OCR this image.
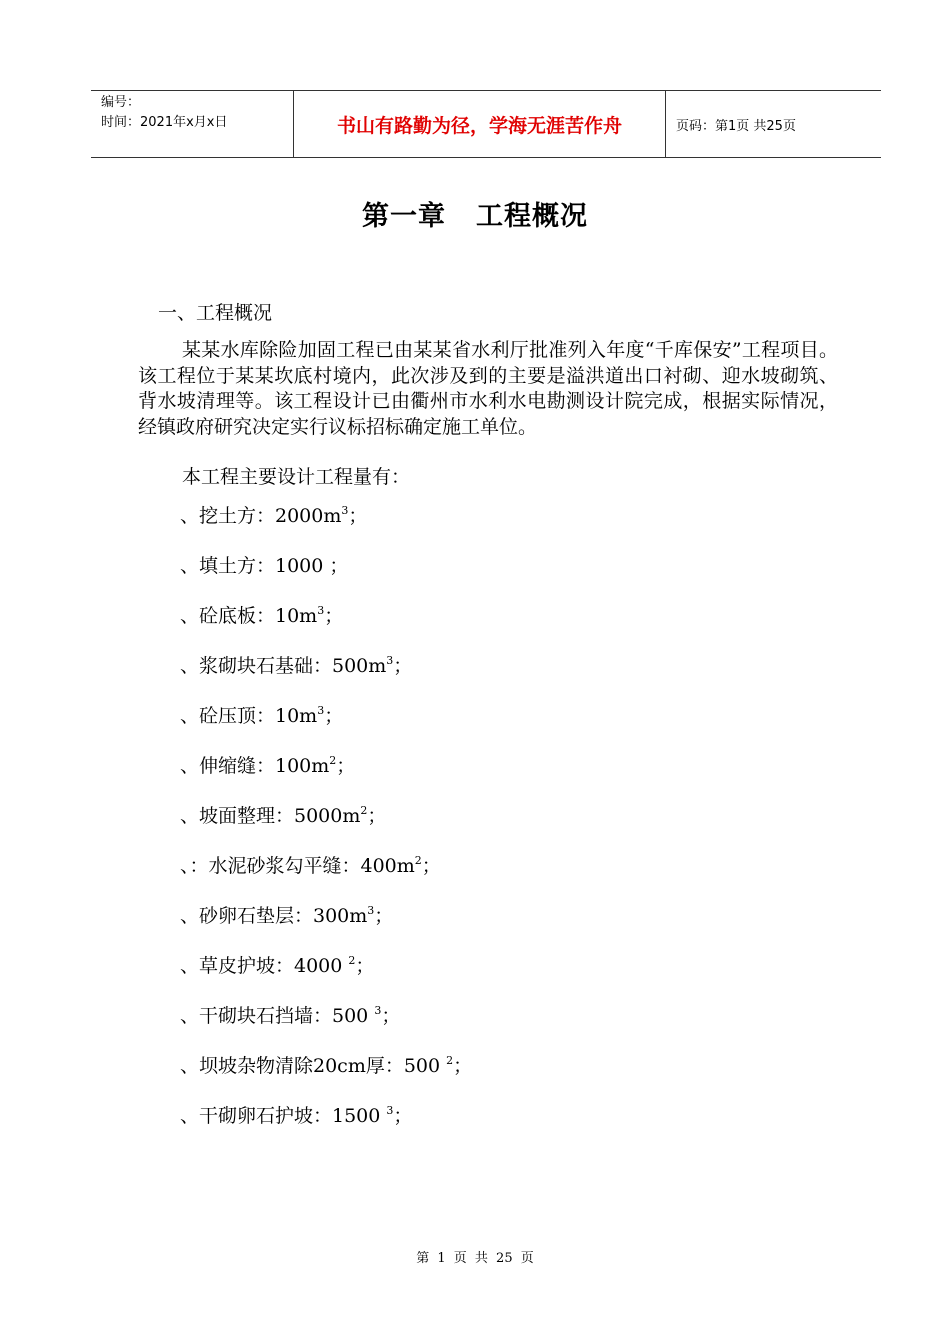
编号：
时间：2021年x月x日	书山有路勤为径，学海无涯苦作舟	页码：第1页 共25页
第一章 工程概况
一、工程概况
某某水库除险加固工程已由某某省水利厅批准列入年度“千库保安”工程项目。该工程位于某某坎底村境内，此次涉及到的主要是溢洪道出口衬砌、迎水坡砌筑、背水坡清理等。该工程设计已由衢州市水利水电勘测设计院完成，根据实际情况，经镇政府研究决定实行议标招标确定施工单位。
本工程主要设计工程量有：
、挖土方：$2000m^3$；
、填土方：1000 ；
、砼底板：$10m^3$；
、浆砌块石基础：$500m^3$；
、砼压顶：$10m^3$；
、伸缩缝：$100m^2$；
、坡面整理：$5000m^2$；
、：水泥砂浆勾平缝：$400m^2$；
、砂卵石垫层：$300m^3$；
、草皮护坡：4000 $^2$；
、干砌块石挡墙：500 $^3$；
、坝坡杂物清除20cm厚：500 $^2$；
、干砌卵石护坡：1500 $^3$；
第 1 页 共 25 页
